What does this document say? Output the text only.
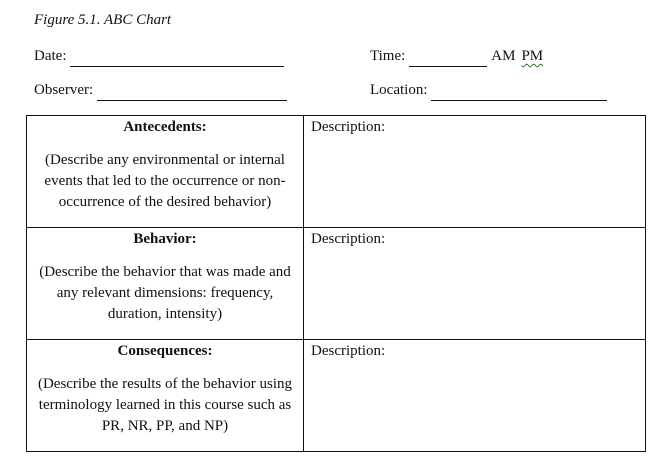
Figure 5.1. ABC Chart
Date:	Time:	AM PM
Observer:	Location:
Antecedents:
(Describe any environmental or internal events that led to the occurrence or non-occurrence of the desired behavior)	Description:

Behavior:
(Describe the behavior that was made and any relevant dimensions: frequency, duration, intensity)	Description:

Consequences:
(Describe the results of the behavior using terminology learned in this course such as PR, NR, PP, and NP)	Description:
